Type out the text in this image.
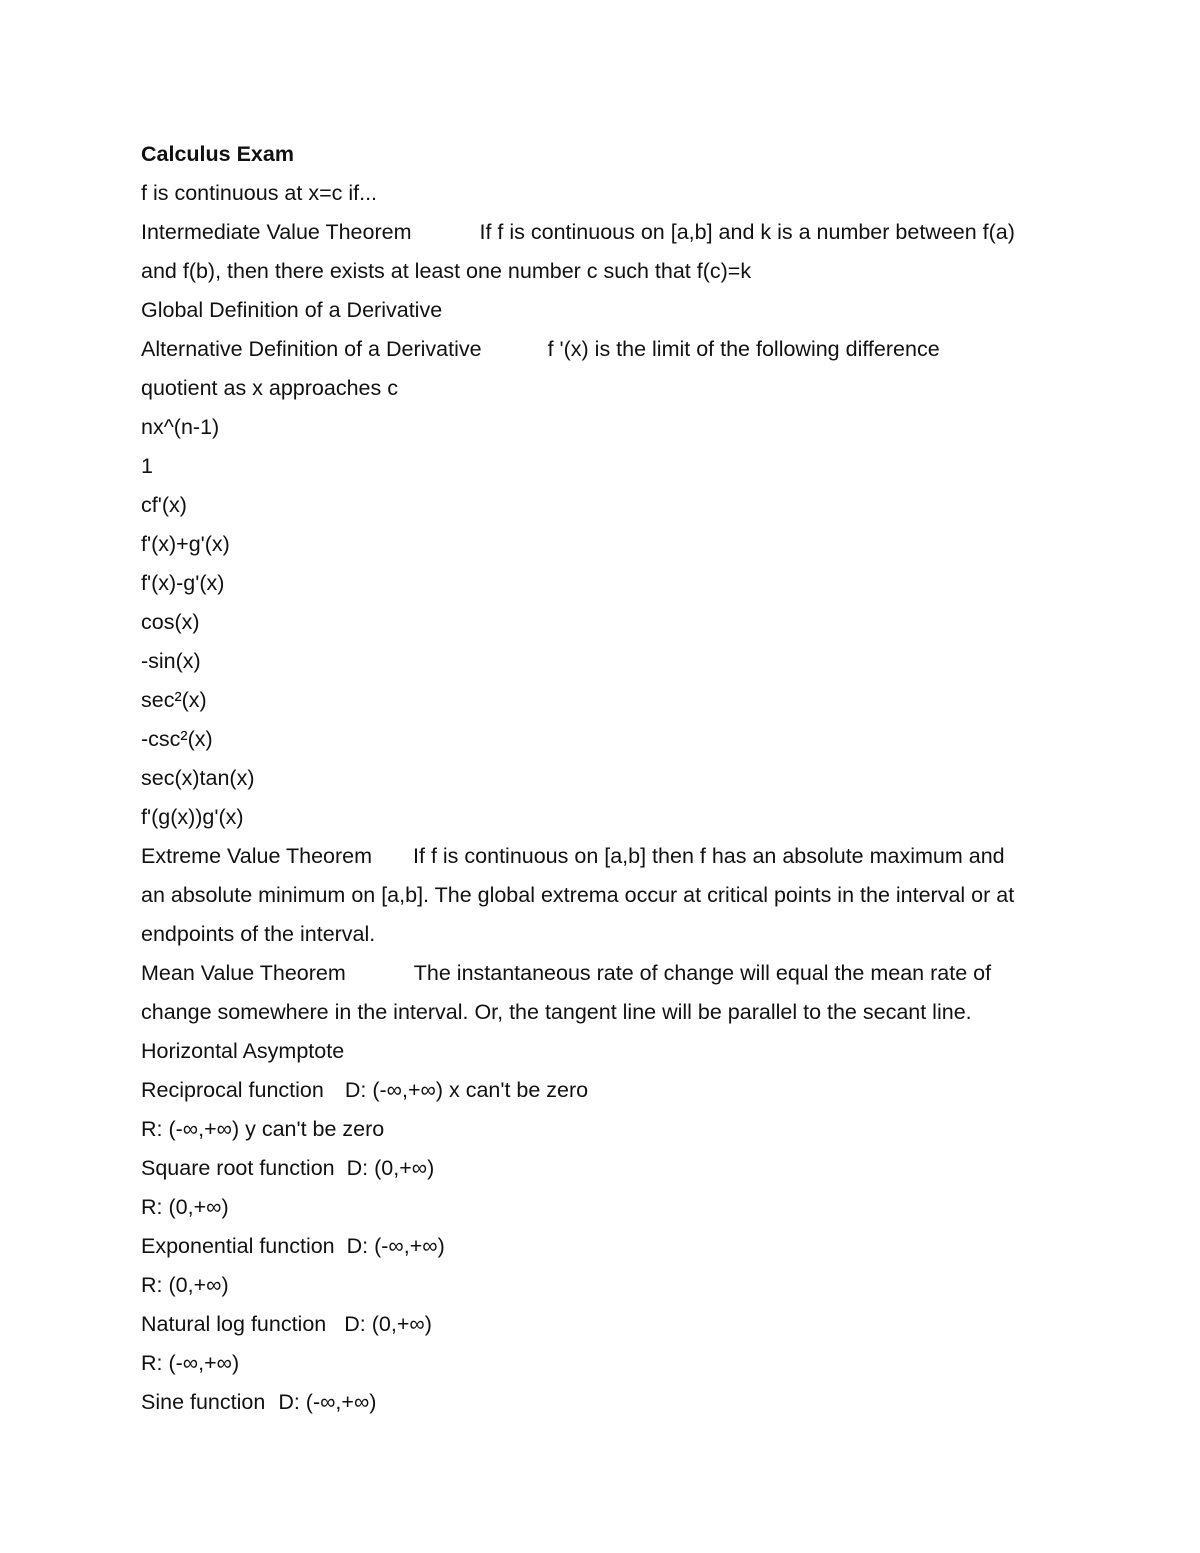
Calculus Exam

f is continuous at x=c if...

Intermediate Value Theorem	If f is continuous on [a,b] and k is a number between f(a)

and f(b), then there exists at least one number c such that f(c)=k

Global Definition of a Derivative

Alternative Definition of a Derivative	f '(x) is the limit of the following difference

quotient as x approaches c

nx^(n-1)

1

cf'(x)

f'(x)+g'(x)

f'(x)-g'(x)

cos(x)

-sin(x)

sec²(x)

-csc²(x)

sec(x)tan(x)

f'(g(x))g'(x)

Extreme Value Theorem If f is continuous on [a,b] then f has an absolute maximum and

an absolute minimum on [a,b]. The global extrema occur at critical points in the interval or at

endpoints of the interval.

Mean Value Theorem	The instantaneous rate of change will equal the mean rate of

change somewhere in the interval. Or, the tangent line will be parallel to the secant line.

Horizontal Asymptote

Reciprocal function D: (-∞,+∞) x can't be zero

R: (-∞,+∞) y can't be zero

Square root function D: (0,+∞)

R: (0,+∞)

Exponential function D: (-∞,+∞)

R: (0,+∞)

Natural log function D: (0,+∞)

R: (-∞,+∞)

Sine function D: (-∞,+∞)
